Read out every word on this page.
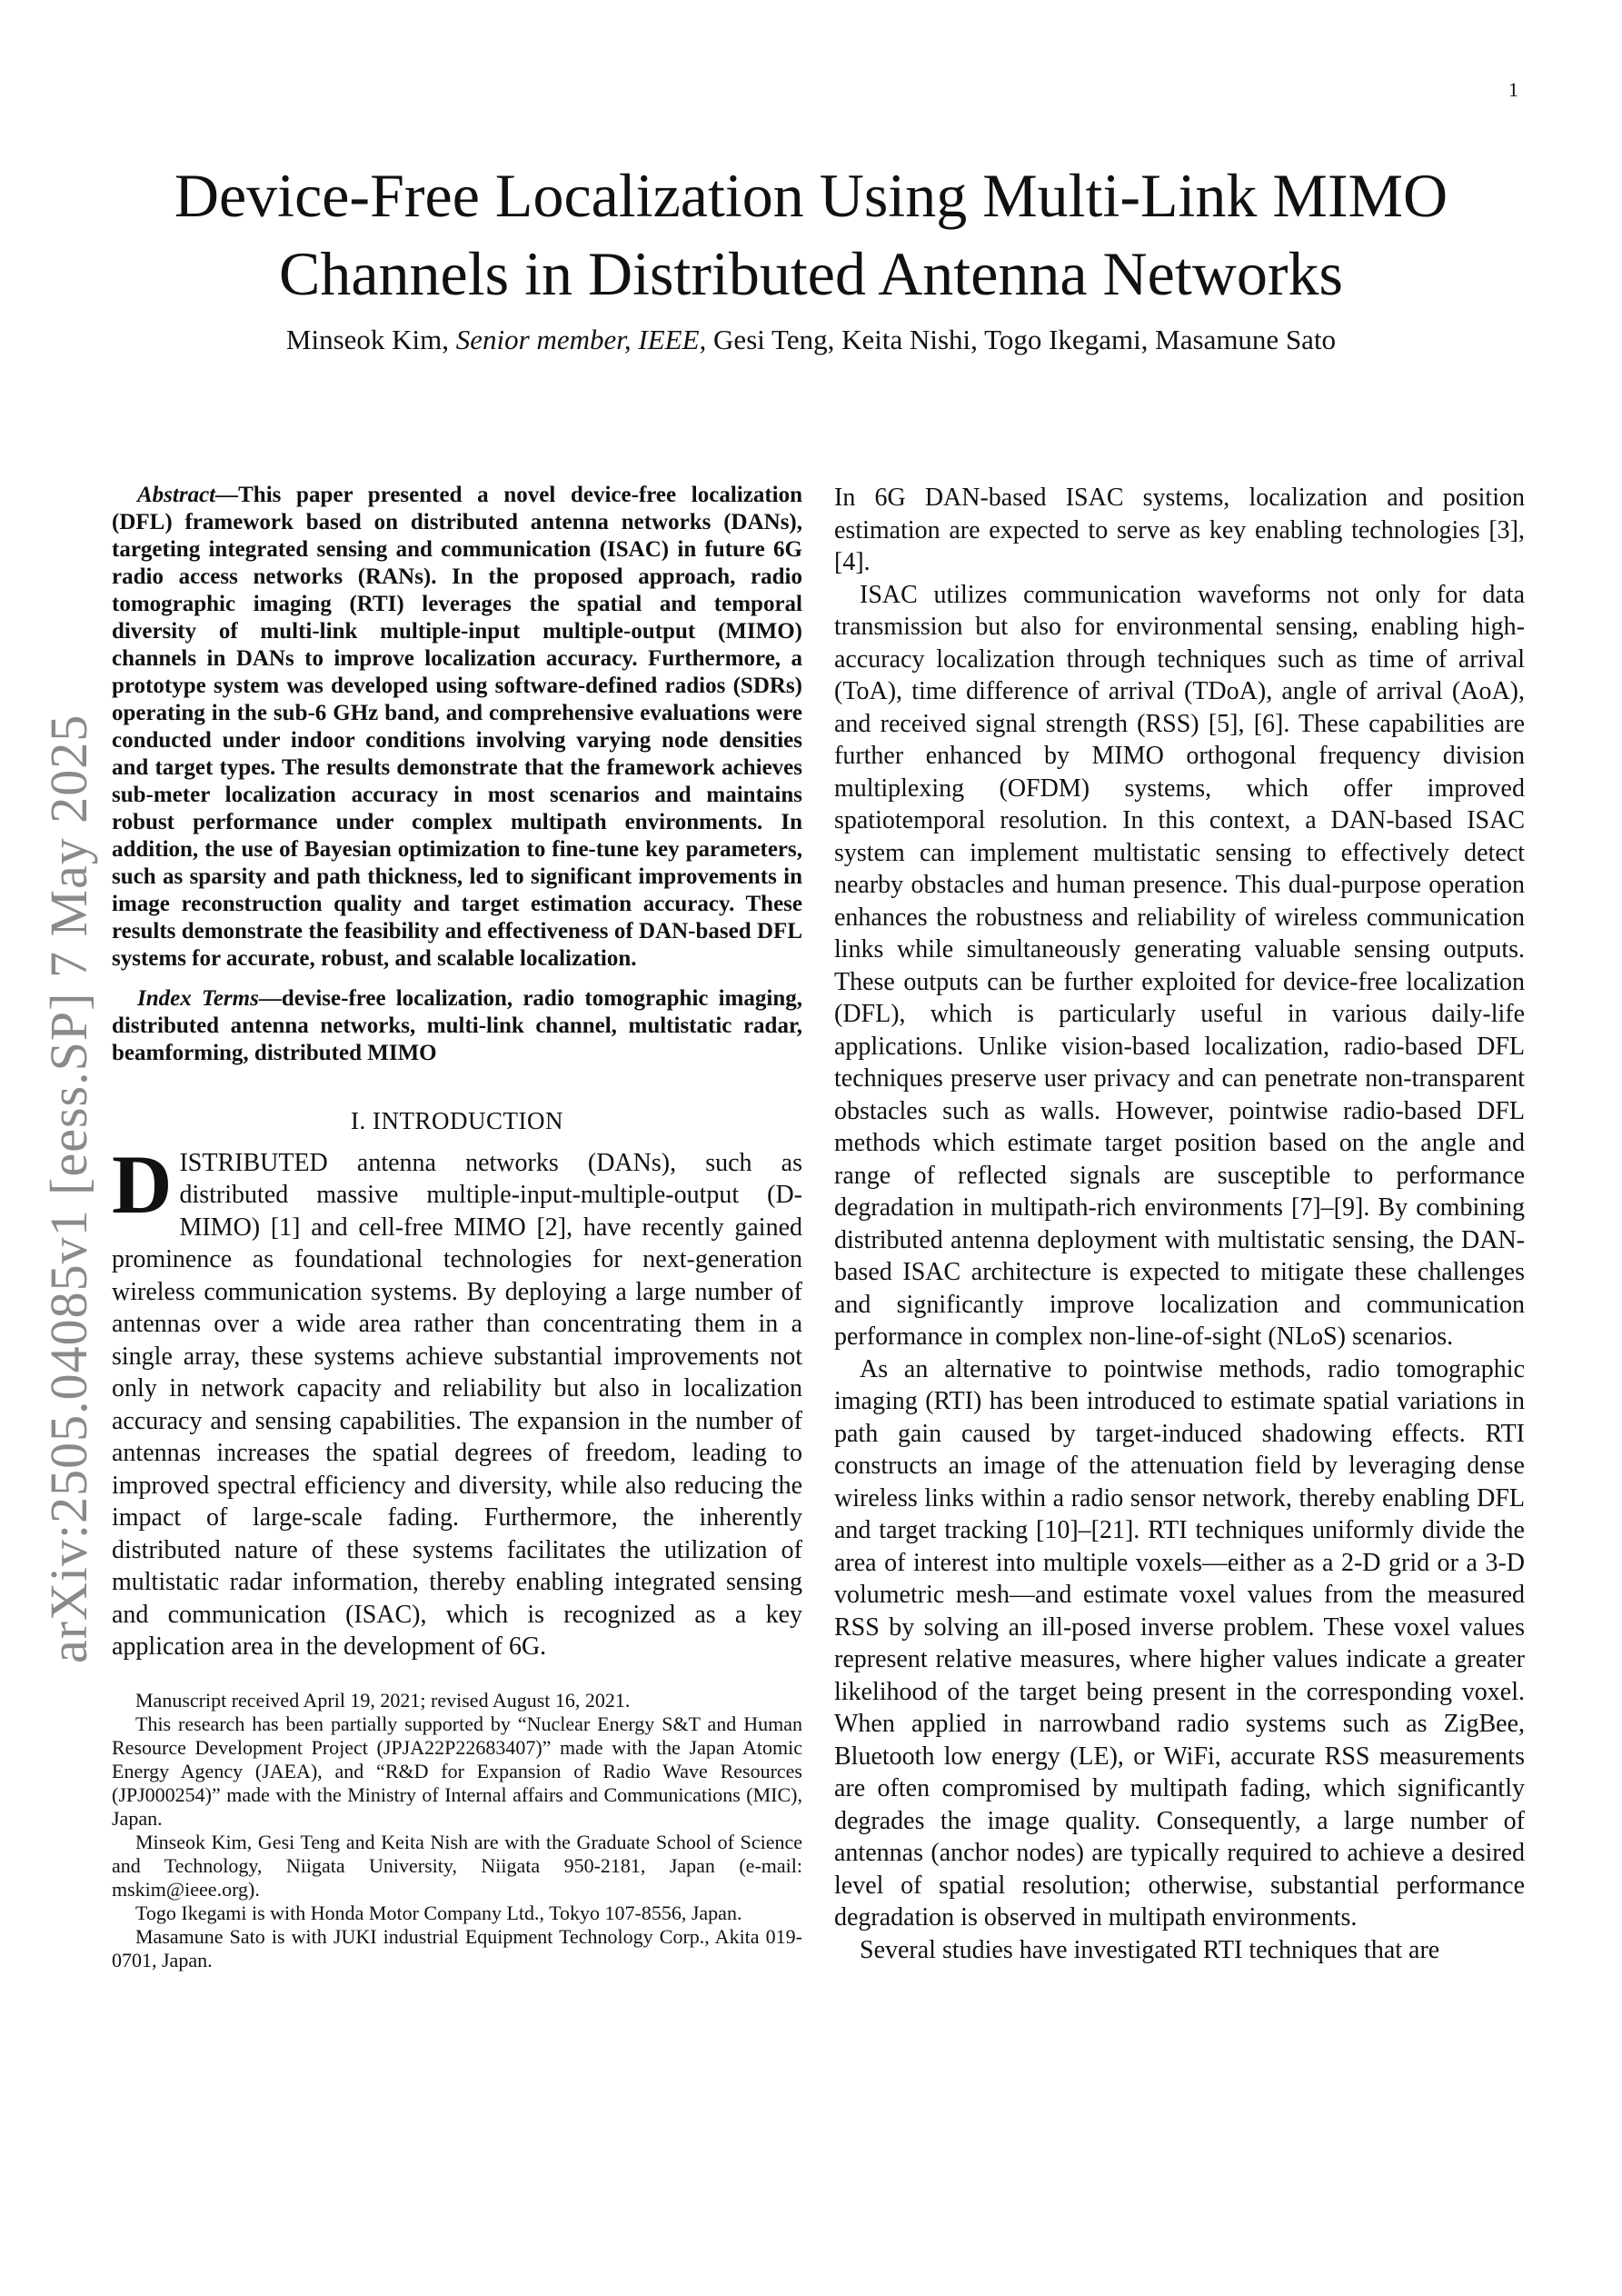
1
Device-Free Localization Using Multi-Link MIMO Channels in Distributed Antenna Networks
Minseok Kim, Senior member, IEEE, Gesi Teng, Keita Nishi, Togo Ikegami, Masamune Sato
arXiv:2505.04085v1 [eess.SP] 7 May 2025

Abstract—This paper presented a novel device-free localization (DFL) framework based on distributed antenna networks (DANs), targeting integrated sensing and communication (ISAC) in future 6G radio access networks (RANs). In the proposed approach, radio tomographic imaging (RTI) leverages the spatial and temporal diversity of multi-link multiple-input multiple-output (MIMO) channels in DANs to improve localization accuracy. Furthermore, a prototype system was developed using software-defined radios (SDRs) operating in the sub-6 GHz band, and comprehensive evaluations were conducted under indoor conditions involving varying node densities and target types. The results demonstrate that the framework achieves sub-meter localization accuracy in most scenarios and maintains robust performance under complex multipath environments. In addition, the use of Bayesian optimization to fine-tune key parameters, such as sparsity and path thickness, led to significant improvements in image reconstruction quality and target estimation accuracy. These results demonstrate the feasibility and effectiveness of DAN-based DFL systems for accurate, robust, and scalable localization.

Index Terms—devise-free localization, radio tomographic imaging, distributed antenna networks, multi-link channel, multistatic radar, beamforming, distributed MIMO

I. INTRODUCTION

DISTRIBUTED antenna networks (DANs), such as distributed massive multiple-input-multiple-output (D-MIMO) [1] and cell-free MIMO [2], have recently gained prominence as foundational technologies for next-generation wireless communication systems. By deploying a large number of antennas over a wide area rather than concentrating them in a single array, these systems achieve substantial improvements not only in network capacity and reliability but also in localization accuracy and sensing capabilities. The expansion in the number of antennas increases the spatial degrees of freedom, leading to improved spectral efficiency and diversity, while also reducing the impact of large-scale fading. Furthermore, the inherently distributed nature of these systems facilitates the utilization of multistatic radar information, thereby enabling integrated sensing and communication (ISAC), which is recognized as a key application area in the development of 6G.

Manuscript received April 19, 2021; revised August 16, 2021.

This research has been partially supported by “Nuclear Energy S&T and Human Resource Development Project (JPJA22P22683407)” made with the Japan Atomic Energy Agency (JAEA), and “R&D for Expansion of Radio Wave Resources (JPJ000254)” made with the Ministry of Internal affairs and Communications (MIC), Japan.

Minseok Kim, Gesi Teng and Keita Nish are with the Graduate School of Science and Technology, Niigata University, Niigata 950-2181, Japan (e-mail: mskim@ieee.org).

Togo Ikegami is with Honda Motor Company Ltd., Tokyo 107-8556, Japan.

Masamune Sato is with JUKI industrial Equipment Technology Corp., Akita 019-0701, Japan.

In 6G DAN-based ISAC systems, localization and position estimation are expected to serve as key enabling technologies [3], [4].

ISAC utilizes communication waveforms not only for data transmission but also for environmental sensing, enabling high-accuracy localization through techniques such as time of arrival (ToA), time difference of arrival (TDoA), angle of arrival (AoA), and received signal strength (RSS) [5], [6]. These capabilities are further enhanced by MIMO orthogonal frequency division multiplexing (OFDM) systems, which offer improved spatiotemporal resolution. In this context, a DAN-based ISAC system can implement multistatic sensing to effectively detect nearby obstacles and human presence. This dual-purpose operation enhances the robustness and reliability of wireless communication links while simultaneously generating valuable sensing outputs. These outputs can be further exploited for device-free localization (DFL), which is particularly useful in various daily-life applications. Unlike vision-based localization, radio-based DFL techniques preserve user privacy and can penetrate non-transparent obstacles such as walls. However, pointwise radio-based DFL methods which estimate target position based on the angle and range of reflected signals are susceptible to performance degradation in multipath-rich environments [7]–[9]. By combining distributed antenna deployment with multistatic sensing, the DAN-based ISAC architecture is expected to mitigate these challenges and significantly improve localization and communication performance in complex non-line-of-sight (NLoS) scenarios.

As an alternative to pointwise methods, radio tomographic imaging (RTI) has been introduced to estimate spatial variations in path gain caused by target-induced shadowing effects. RTI constructs an image of the attenuation field by leveraging dense wireless links within a radio sensor network, thereby enabling DFL and target tracking [10]–[21]. RTI techniques uniformly divide the area of interest into multiple voxels—either as a 2-D grid or a 3-D volumetric mesh—and estimate voxel values from the measured RSS by solving an ill-posed inverse problem. These voxel values represent relative measures, where higher values indicate a greater likelihood of the target being present in the corresponding voxel. When applied in narrowband radio systems such as ZigBee, Bluetooth low energy (LE), or WiFi, accurate RSS measurements are often compromised by multipath fading, which significantly degrades the image quality. Consequently, a large number of antennas (anchor nodes) are typically required to achieve a desired level of spatial resolution; otherwise, substantial performance degradation is observed in multipath environments.

Several studies have investigated RTI techniques that are
